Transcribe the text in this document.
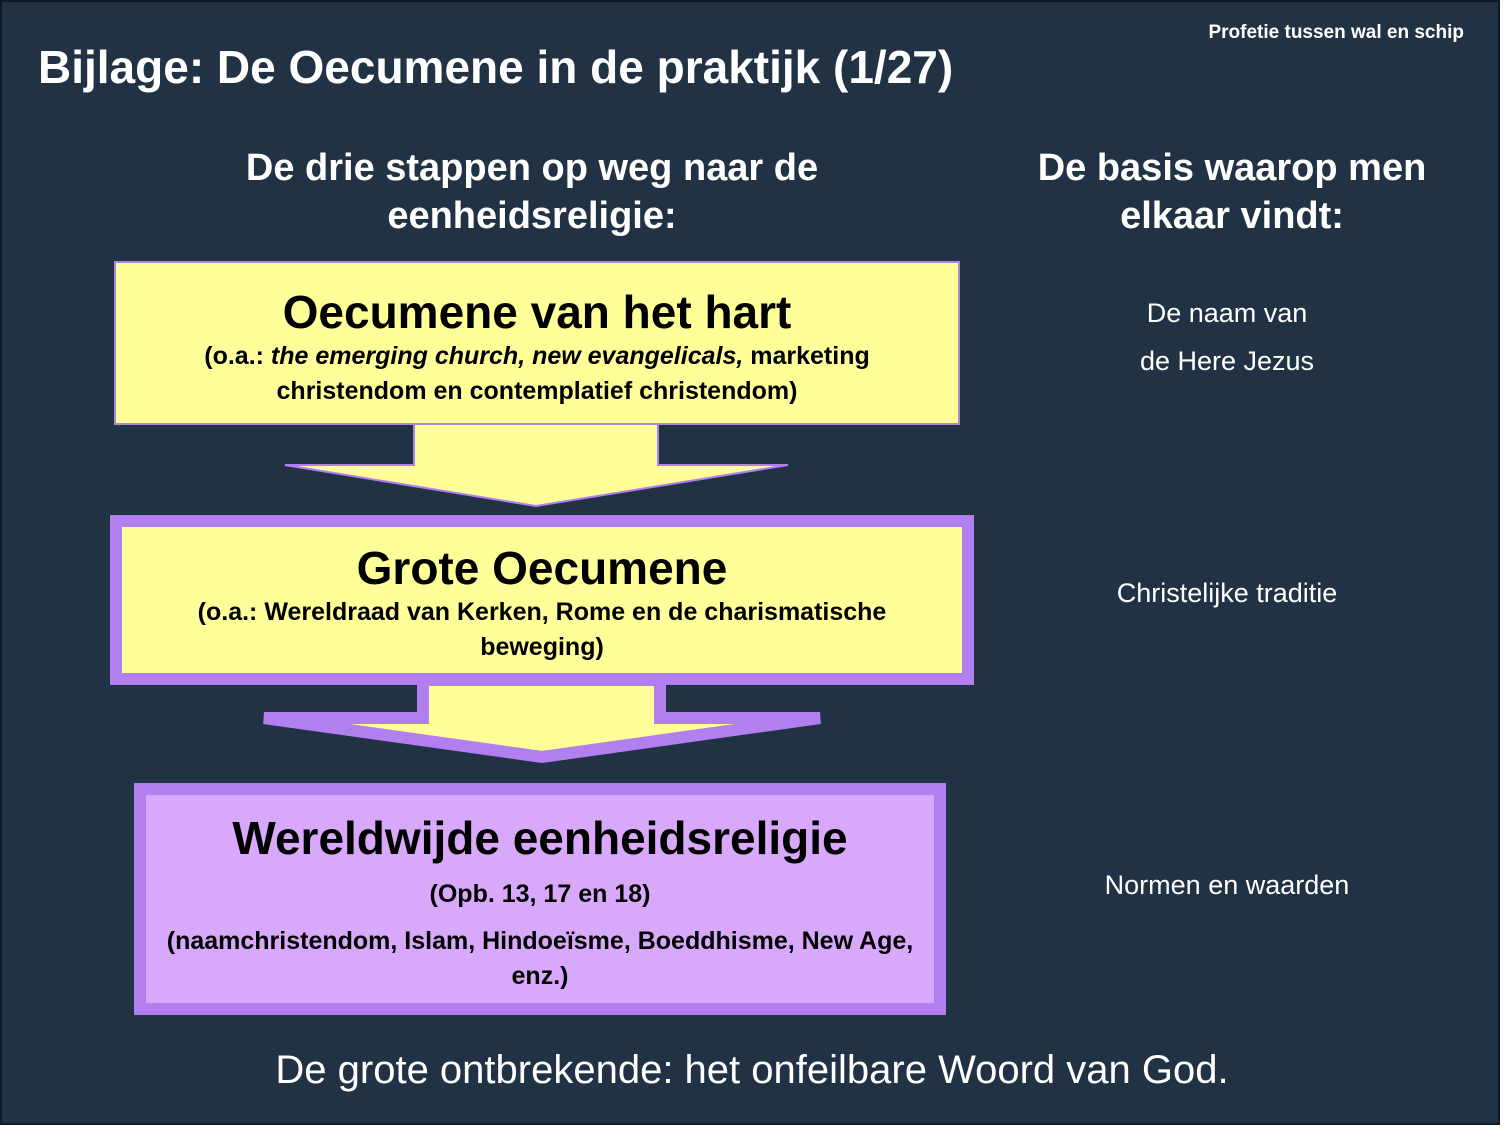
Profetie tussen wal en schip
Bijlage: De Oecumene in de praktijk (1/27)
De drie stappen op weg naar de eenheidsreligie:
De basis waarop men elkaar vindt:
Oecumene van het hart
(o.a.: the emerging church, new evangelicals, marketing christendom en contemplatief christendom)
Grote Oecumene
(o.a.: Wereldraad van Kerken, Rome en de charismatische beweging)
Wereldwijde eenheidsreligie
(Opb. 13, 17 en 18)
(naamchristendom, Islam, Hindoeïsme, Boeddhisme, New Age, enz.)
De naam van
de Here Jezus
Christelijke traditie
Normen en waarden
De grote ontbrekende: het onfeilbare Woord van God.
